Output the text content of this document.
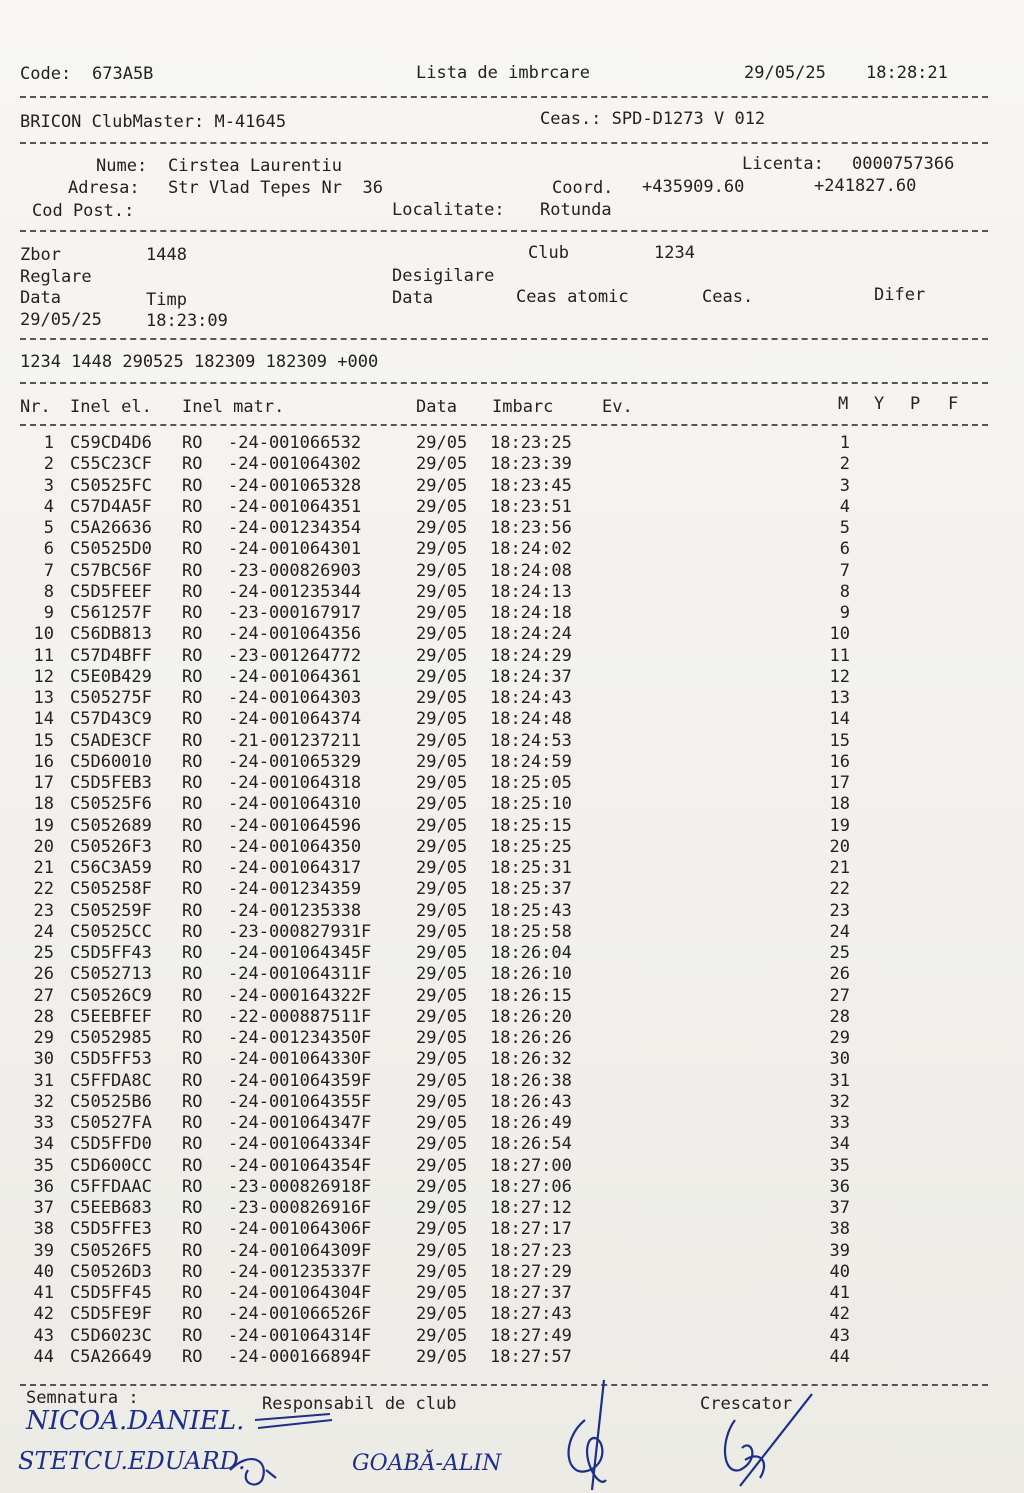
Code: 673A5B	Lista de imbrcare	29/05/25 18:28:21
BRICON ClubMaster: M-41645	Ceas.: SPD-D1273 V 012
Nume: Cirstea Laurentiu	Licenta: 0000757366
Adresa: Str Vlad Tepes Nr  36	Coord. +435909.60	+241827.60
Cod Post.:	Localitate: Rotunda
Zbor	1448	Club	1234
Reglare	Desigilare
Data	Timp	Data	Ceas atomic	Ceas.	Difer
29/05/25	18:23:09
1234 1448 290525 182309 182309 +000
Nr. Inel el. Inel matr.	Data Imbarc	Ev.	M Y P F
1 C59CD4D6 RO -24-001066532	29/05 18:23:25	1
2 C55C23CF RO -24-001064302	29/05 18:23:39	2
3 C50525FC RO -24-001065328	29/05 18:23:45	3
4 C57D4A5F RO -24-001064351	29/05 18:23:51	4
5 C5A26636 RO -24-001234354	29/05 18:23:56	5
6 C50525D0 RO -24-001064301	29/05 18:24:02	6
7 C57BC56F RO -23-000826903	29/05 18:24:08	7
8 C5D5FEEF RO -24-001235344	29/05 18:24:13	8
9 C561257F RO -23-000167917	29/05 18:24:18	9
10 C56DB813 RO -24-001064356	29/05 18:24:24	10
11 C57D4BFF RO -23-001264772	29/05 18:24:29	11
12 C5E0B429 RO -24-001064361	29/05 18:24:37	12
13 C505275F RO -24-001064303	29/05 18:24:43	13
14 C57D43C9 RO -24-001064374	29/05 18:24:48	14
15 C5ADE3CF RO -21-001237211	29/05 18:24:53	15
16 C5D60010 RO -24-001065329	29/05 18:24:59	16
17 C5D5FEB3 RO -24-001064318	29/05 18:25:05	17
18 C50525F6 RO -24-001064310	29/05 18:25:10	18
19 C5052689 RO -24-001064596	29/05 18:25:15	19
20 C50526F3 RO -24-001064350	29/05 18:25:25	20
21 C56C3A59 RO -24-001064317	29/05 18:25:31	21
22 C505258F RO -24-001234359	29/05 18:25:37	22
23 C505259F RO -24-001235338	29/05 18:25:43	23
24 C50525CC RO -23-000827931F	29/05 18:25:58	24
25 C5D5FF43 RO -24-001064345F	29/05 18:26:04	25
26 C5052713 RO -24-001064311F	29/05 18:26:10	26
27 C50526C9 RO -24-000164322F	29/05 18:26:15	27
28 C5EEBFEF RO -22-000887511F	29/05 18:26:20	28
29 C5052985 RO -24-001234350F	29/05 18:26:26	29
30 C5D5FF53 RO -24-001064330F	29/05 18:26:32	30
31 C5FFDA8C RO -24-001064359F	29/05 18:26:38	31
32 C50525B6 RO -24-001064355F	29/05 18:26:43	32
33 C50527FA RO -24-001064347F	29/05 18:26:49	33
34 C5D5FFD0 RO -24-001064334F	29/05 18:26:54	34
35 C5D600CC RO -24-001064354F	29/05 18:27:00	35
36 C5FFDAAC RO -23-000826918F	29/05 18:27:06	36
37 C5EEB683 RO -23-000826916F	29/05 18:27:12	37
38 C5D5FFE3 RO -24-001064306F	29/05 18:27:17	38
39 C50526F5 RO -24-001064309F	29/05 18:27:23	39
40 C50526D3 RO -24-001235337F	29/05 18:27:29	40
41 C5D5FF45 RO -24-001064304F	29/05 18:27:37	41
42 C5D5FE9F RO -24-001066526F	29/05 18:27:43	42
43 C5D6023C RO -24-001064314F	29/05 18:27:49	43
44 C5A26649 RO -24-000166894F	29/05 18:27:57	44
Semnatura :	Responsabil de club	Crescator
NICOA.DANIEL.
STETCU.EDUARD.	GOABĂ-ALIN
